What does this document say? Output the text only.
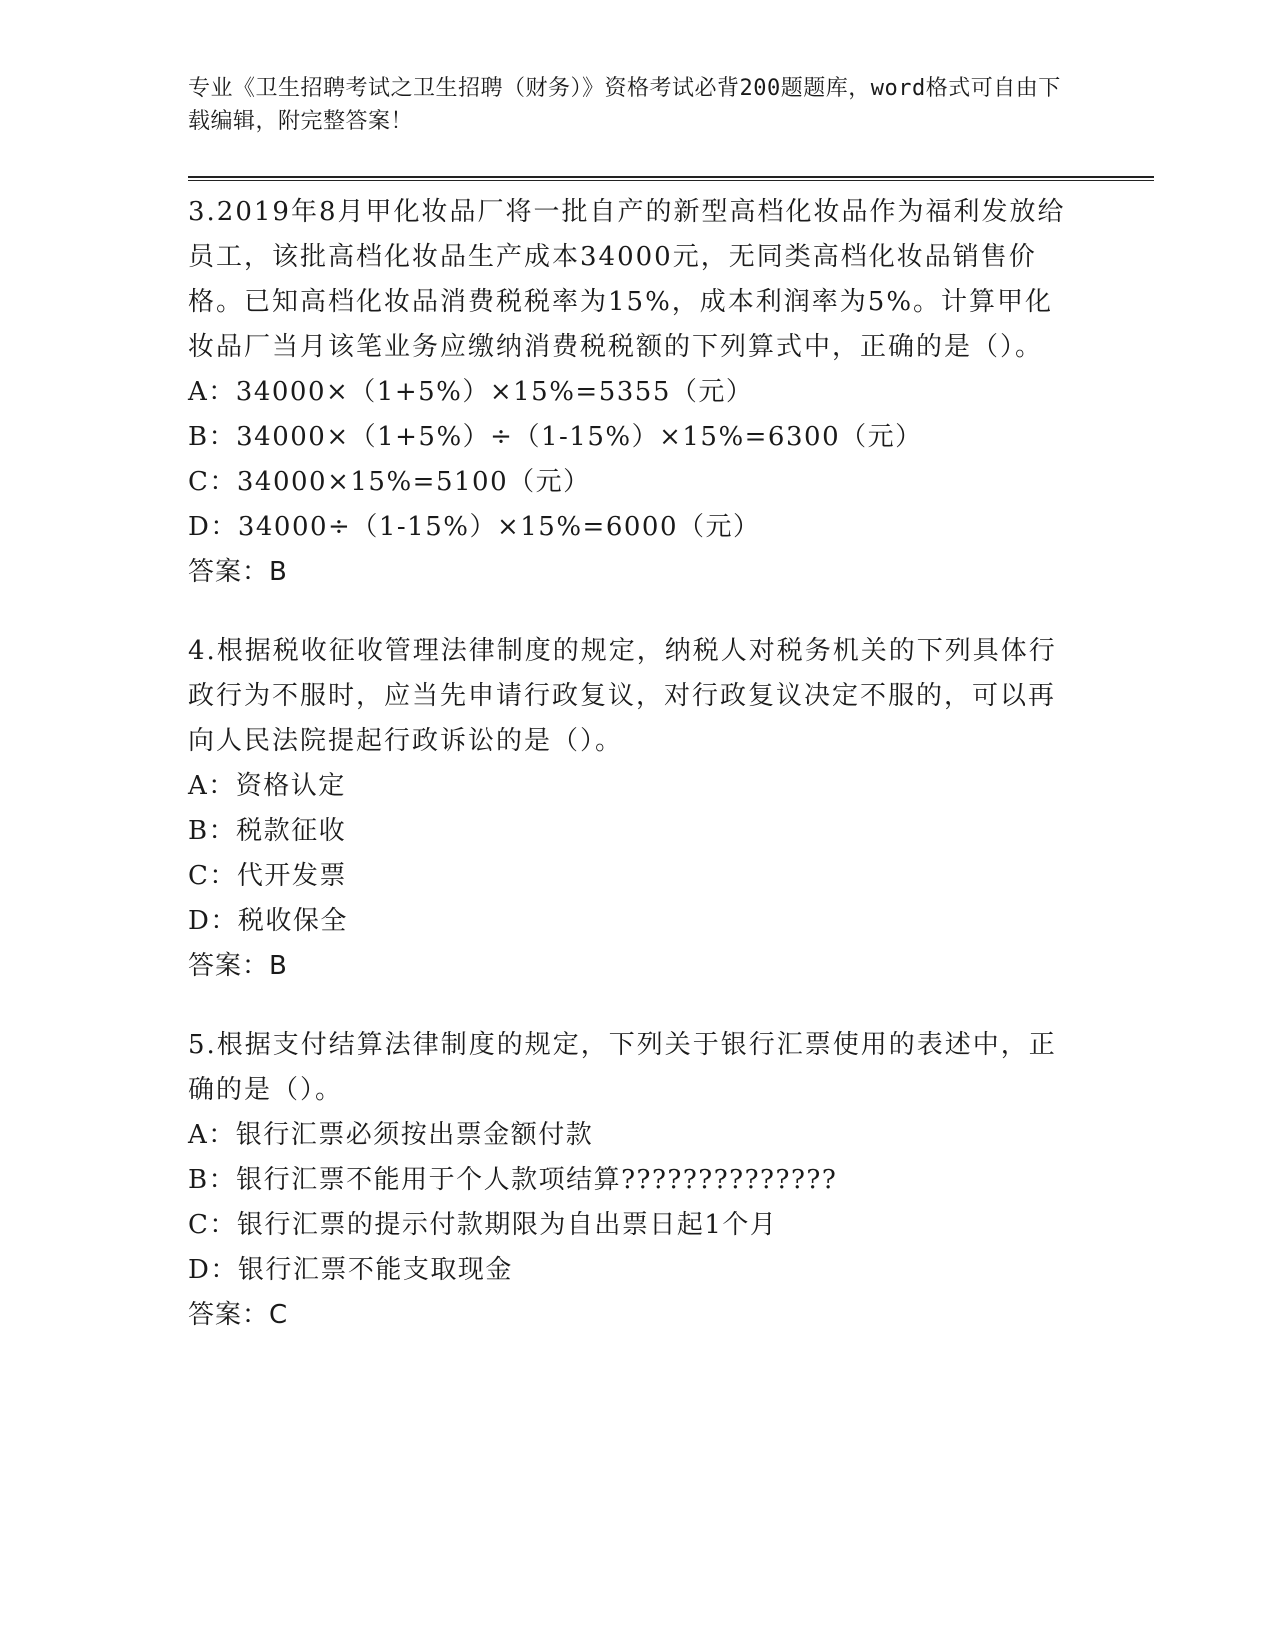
专业《卫生招聘考试之卫生招聘（财务）》资格考试必背200题题库，word格式可自由下载编辑，附完整答案！

3.2019年8月甲化妆品厂将一批自产的新型高档化妆品作为福利发放给员工，该批高档化妆品生产成本34000元，无同类高档化妆品销售价格。已知高档化妆品消费税税率为15%，成本利润率为5%。计算甲化妆品厂当月该笔业务应缴纳消费税税额的下列算式中，正确的是（）。

A：34000×（1+5%）×15%=5355（元）

B：34000×（1+5%）÷（1-15%）×15%=6300（元）

C：34000×15%=5100（元）

D：34000÷（1-15%）×15%=6000（元）

答案：B

4.根据税收征收管理法律制度的规定，纳税人对税务机关的下列具体行政行为不服时，应当先申请行政复议，对行政复议决定不服的，可以再向人民法院提起行政诉讼的是（）。

A：资格认定

B：税款征收

C：代开发票

D：税收保全

答案：B

5.根据支付结算法律制度的规定，下列关于银行汇票使用的表述中，正确的是（）。

A：银行汇票必须按出票金额付款

B：银行汇票不能用于个人款项结算??????????????

C：银行汇票的提示付款期限为自出票日起1个月

D：银行汇票不能支取现金

答案：C
